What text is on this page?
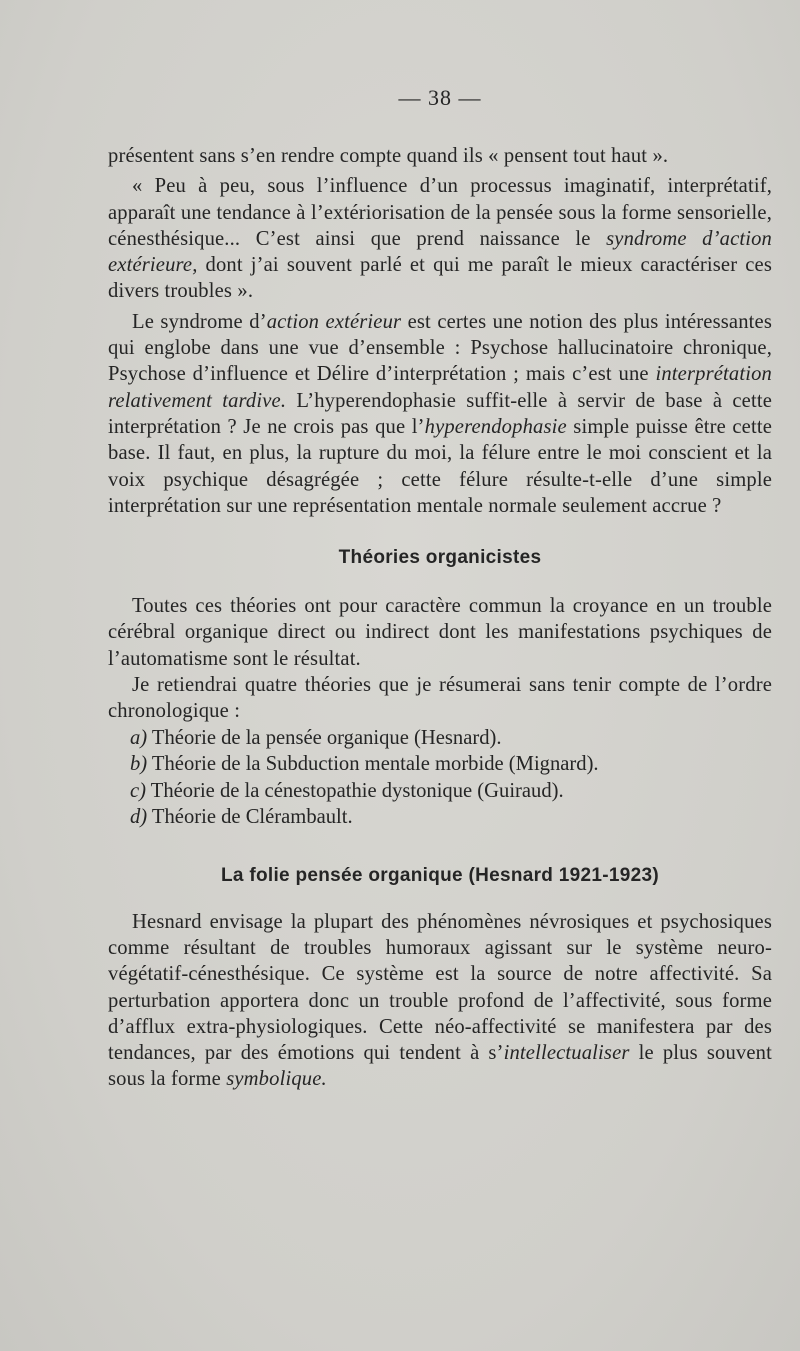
— 38 —

présentent sans s’en rendre compte quand ils « pensent tout haut ».

« Peu à peu, sous l’influence d’un processus imaginatif, interprétatif, apparaît une tendance à l’extériorisation de la pensée sous la forme sensorielle, cénesthésique... C’est ainsi que prend naissance le syndrome d’action extérieure, dont j’ai souvent parlé et qui me paraît le mieux caractériser ces divers troubles ».

Le syndrome d’action extérieur est certes une notion des plus intéressantes qui englobe dans une vue d’ensemble : Psychose hallucinatoire chronique, Psychose d’influence et Délire d’interprétation ; mais c’est une interprétation relativement tardive. L’hyperendophasie suffit-elle à servir de base à cette interprétation ? Je ne crois pas que l’hyperendophasie simple puisse être cette base. Il faut, en plus, la rupture du moi, la félure entre le moi conscient et la voix psychique désagrégée ; cette félure résulte-t-elle d’une simple interprétation sur une représentation mentale normale seulement accrue ?

Théories organicistes

Toutes ces théories ont pour caractère commun la croyance en un trouble cérébral organique direct ou indirect dont les manifestations psychiques de l’automatisme sont le résultat.

Je retiendrai quatre théories que je résumerai sans tenir compte de l’ordre chronologique :

a) Théorie de la pensée organique (Hesnard).
b) Théorie de la Subduction mentale morbide (Mignard).
c) Théorie de la cénestopathie dystonique (Guiraud).
d) Théorie de Clérambault.
La folie pensée organique (Hesnard 1921-1923)

Hesnard envisage la plupart des phénomènes névrosiques et psychosiques comme résultant de troubles humoraux agissant sur le système neuro-végétatif-cénesthésique. Ce système est la source de notre affectivité. Sa perturbation apportera donc un trouble profond de l’affectivité, sous forme d’afflux extra-physiologiques. Cette néo-affectivité se manifestera par des tendances, par des émotions qui tendent à s’intellectualiser le plus souvent sous la forme symbolique.
